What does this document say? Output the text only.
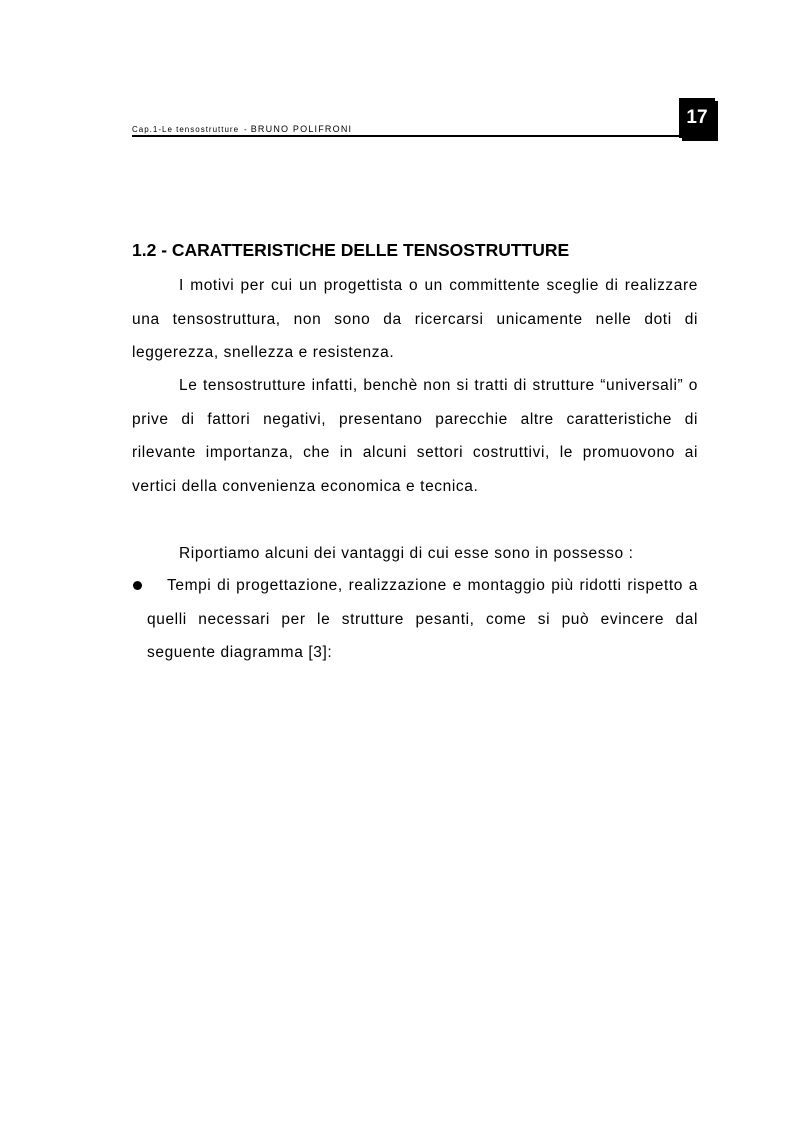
Cap.1-Le tensostrutture - BRUNO POLIFRONI
17
1.2 - CARATTERISTICHE DELLE TENSOSTRUTTURE
I motivi per cui un progettista o un committente sceglie di realizzare una tensostruttura, non sono da ricercarsi unicamente nelle doti di leggerezza, snellezza e resistenza.
Le tensostrutture infatti, benchè non si tratti di strutture “universali” o prive di fattori negativi, presentano parecchie altre caratteristiche di rilevante importanza, che in alcuni settori costruttivi, le promuovono ai vertici della convenienza economica e tecnica.
Riportiamo alcuni dei vantaggi di cui esse sono in possesso :
Tempi di progettazione, realizzazione e montaggio più ridotti rispetto a quelli necessari per le strutture pesanti, come si può evincere dal seguente diagramma [3]:
